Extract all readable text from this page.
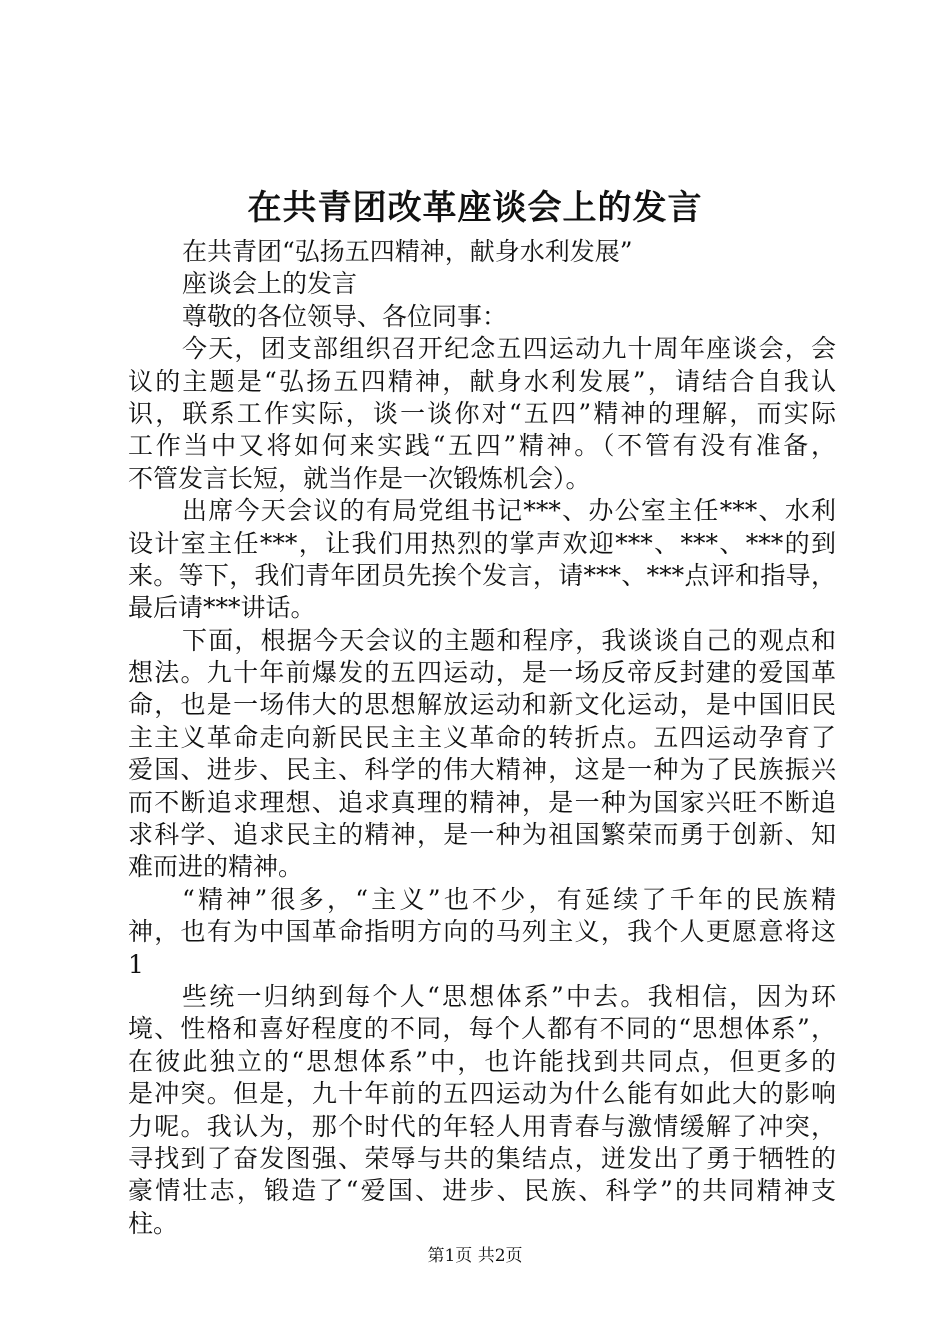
在共青团改革座谈会上的发言
在共青团“弘扬五四精神，献身水利发展”
座谈会上的发言
尊敬的各位领导、各位同事：
今天，团支部组织召开纪念五四运动九十周年座谈会，会
议的主题是“弘扬五四精神，献身水利发展”，请结合自我认
识，联系工作实际，谈一谈你对“五四”精神的理解，而实际
工作当中又将如何来实践“五四”精神。（不管有没有准备，
不管发言长短，就当作是一次锻炼机会）。
出席今天会议的有局党组书记***、办公室主任***、水利
设计室主任***，让我们用热烈的掌声欢迎***、***、***的到
来。等下，我们青年团员先挨个发言，请***、***点评和指导，
最后请***讲话。
下面，根据今天会议的主题和程序，我谈谈自己的观点和
想法。九十年前爆发的五四运动，是一场反帝反封建的爱国革
命，也是一场伟大的思想解放运动和新文化运动，是中国旧民
主主义革命走向新民民主主义革命的转折点。五四运动孕育了
爱国、进步、民主、科学的伟大精神，这是一种为了民族振兴
而不断追求理想、追求真理的精神，是一种为国家兴旺不断追
求科学、追求民主的精神，是一种为祖国繁荣而勇于创新、知
难而进的精神。
“精神”很多，“主义”也不少，有延续了千年的民族精
神，也有为中国革命指明方向的马列主义，我个人更愿意将这
1
些统一归纳到每个人“思想体系”中去。我相信，因为环
境、性格和喜好程度的不同，每个人都有不同的“思想体系”，
在彼此独立的“思想体系”中，也许能找到共同点，但更多的
是冲突。但是，九十年前的五四运动为什么能有如此大的影响
力呢。我认为，那个时代的年轻人用青春与激情缓解了冲突，
寻找到了奋发图强、荣辱与共的集结点，迸发出了勇于牺牲的
豪情壮志，锻造了“爱国、进步、民族、科学”的共同精神支
柱。
第1页 共2页
